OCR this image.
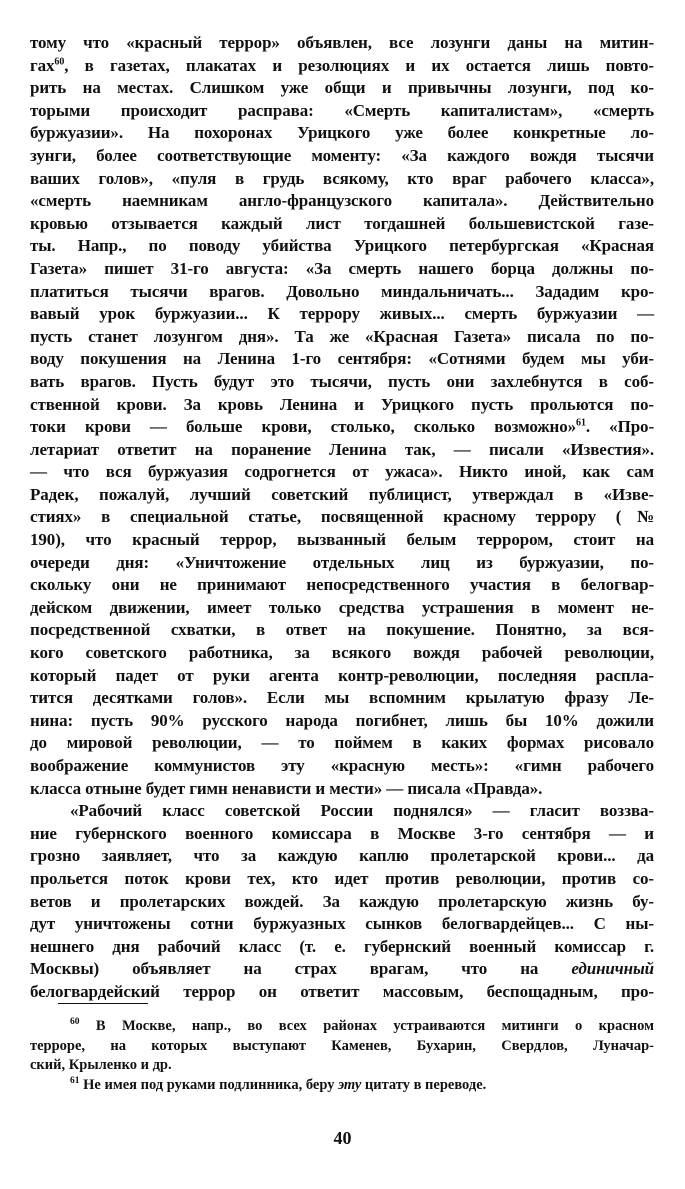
тому что «красный террор» объявлен, все лозунги даны на митин-
гах$^{60}$, в газетах, плакатах и резолюциях и их остается лишь повто-
рить на местах. Слишком уже общи и привычны лозунги, под ко-
торыми происходит расправа: «Смерть капиталистам», «смерть
буржуазии». На похоронах Урицкого уже более конкретные ло-
зунги, более соответствующие моменту: «За каждого вождя тысячи
ваших голов», «пуля в грудь всякому, кто враг рабочего класса»,
«смерть наемникам англо-французского капитала». Действительно
кровью отзывается каждый лист тогдашней большевистской газе-
ты. Напр., по поводу убийства Урицкого петербургская «Красная
Газета» пишет 31-го августа: «За смерть нашего борца должны по-
платиться тысячи врагов. Довольно миндальничать... Зададим кро-
вавый урок буржуазии... К террору живых... смерть буржуазии —
пусть станет лозунгом дня». Та же «Красная Газета» писала по по-
воду покушения на Ленина 1-го сентября: «Сотнями будем мы уби-
вать врагов. Пусть будут это тысячи, пусть они захлебнутся в соб-
ственной крови. За кровь Ленина и Урицкого пусть прольются по-
токи крови — больше крови, столько, сколько возможно»$^{61}$. «Про-
летариат ответит на поранение Ленина так, — писали «Известия».
— что вся буржуазия содрогнется от ужаса». Никто иной, как сам
Радек, пожалуй, лучший советский публицист, утверждал в «Изве-
стиях» в специальной статье, посвященной красному террору (№
190), что красный террор, вызванный белым террором, стоит на
очереди дня: «Уничтожение отдельных лиц из буржуазии, по-
скольку они не принимают непосредственного участия в белогвар-
дейском движении, имеет только средства устрашения в момент не-
посредственной схватки, в ответ на покушение. Понятно, за вся-
кого советского работника, за всякого вождя рабочей революции,
который падет от руки агента контр-революции, последняя распла-
тится десятками голов». Если мы вспомним крылатую фразу Ле-
нина: пусть 90% русского народа погибнет, лишь бы 10% дожили
до мировой революции, — то поймем в каких формах рисовало
воображение коммунистов эту «красную месть»: «гимн рабочего
класса отныне будет гимн ненависти и мести» — писала «Правда».
«Рабочий класс советской России поднялся» — гласит воззва-
ние губернского военного комиссара в Москве 3-го сентября — и
грозно заявляет, что за каждую каплю пролетарской крови... да
прольется поток крови тех, кто идет против революции, против со-
ветов и пролетарских вождей. За каждую пролетарскую жизнь бу-
дут уничтожены сотни буржуазных сынков белогвардейцев... С ны-
нешнего дня рабочий класс (т. е. губернский военный комиссар г.
Москвы) объявляет на страх врагам, что на единичный
белогвардейский террор он ответит массовым, беспощадным, про-
$^{60}$ В Москве, напр., во всех районах устраиваются митинги о красном
терроре, на которых выступают Каменев, Бухарин, Свердлов, Луначар-
ский, Крыленко и др.
$^{61}$ Не имея под руками подлинника, беру эту цитату в переводе.
40
